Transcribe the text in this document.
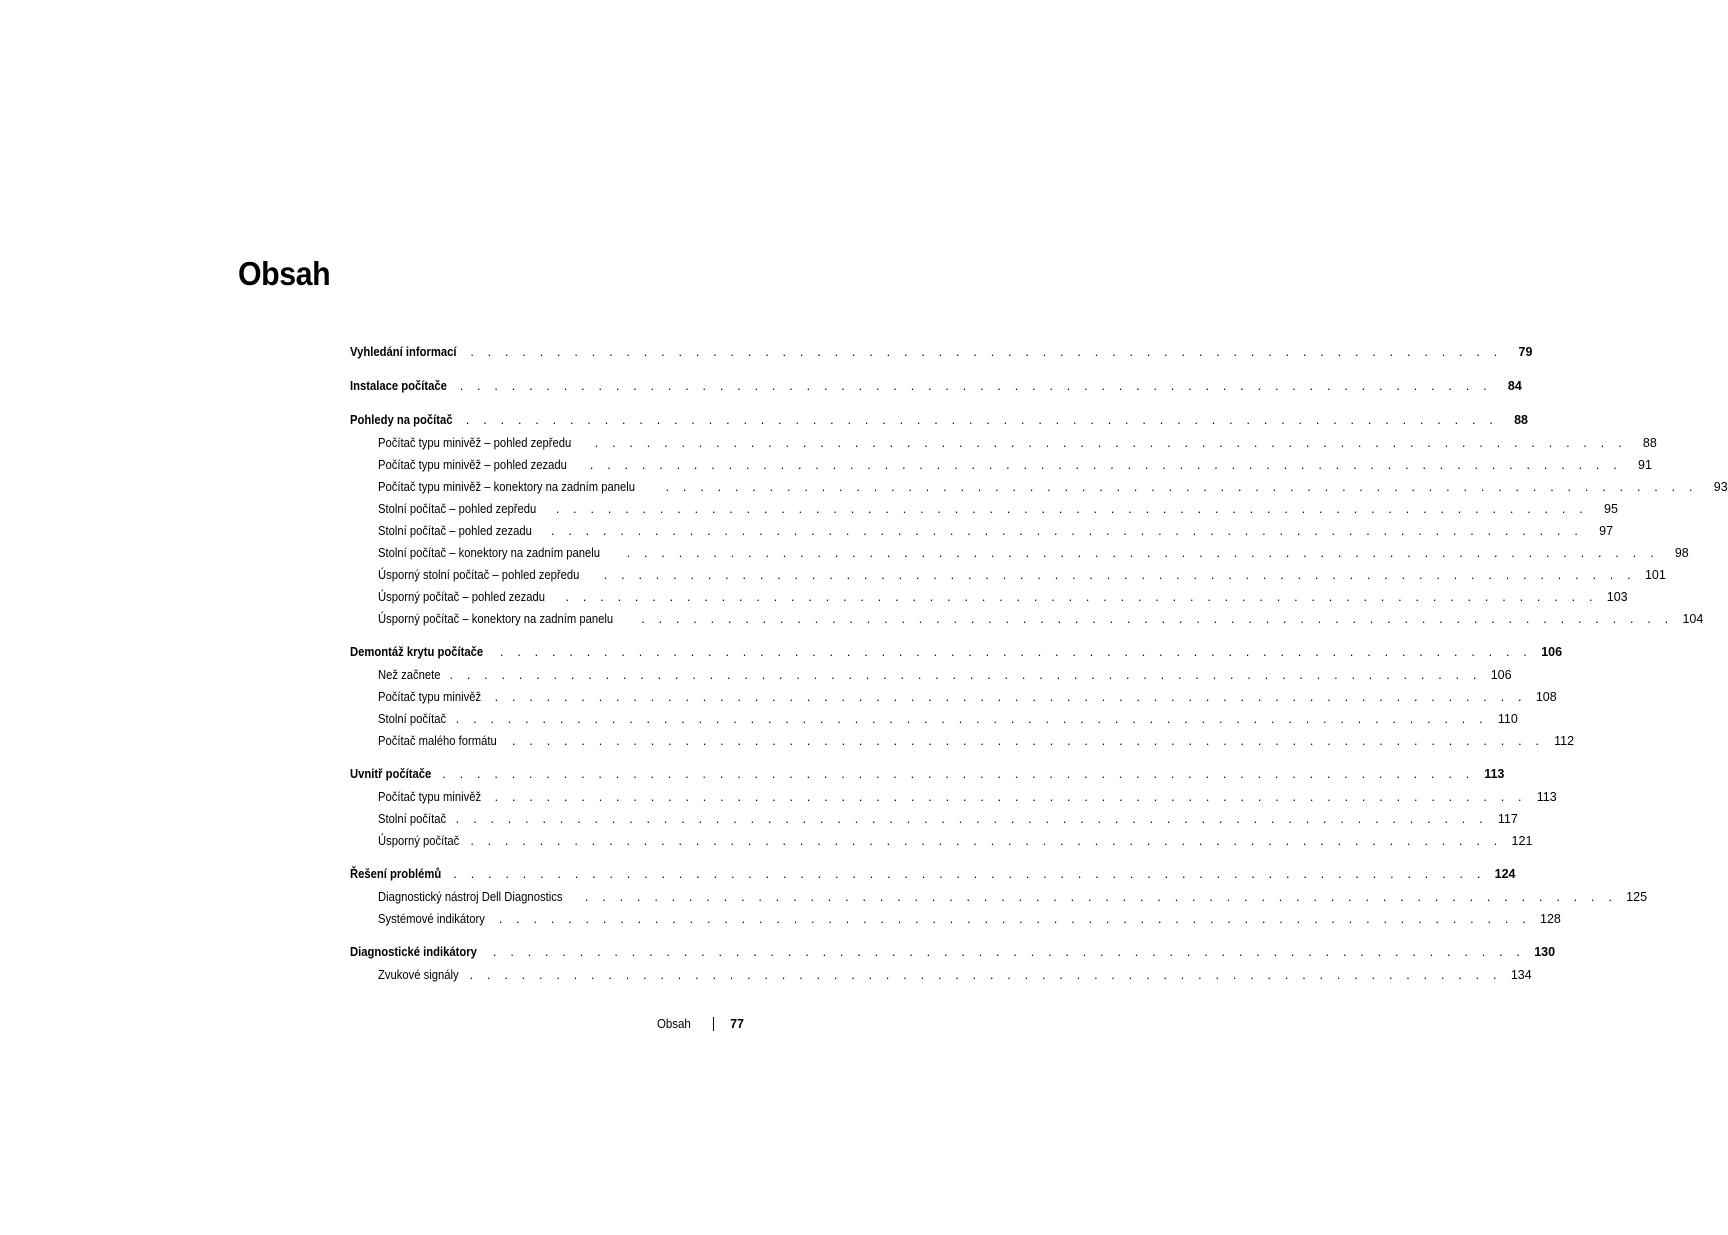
Obsah
Vyhledání informací . . . . . . . . . . . . . . . . . . . . . . . . . . . . . . . . . . . . . . . . . . . . . . . . . . . . . . . . . . . .	79
Instalace počítače . . . . . . . . . . . . . . . . . . . . . . . . . . . . . . . . . . . . . . . . . . . . . . . . . . . . . . . . . . . .	84
Pohledy na počítač . . . . . . . . . . . . . . . . . . . . . . . . . . . . . . . . . . . . . . . . . . . . . . . . . . . . . . . . . . . .	88
Počítač typu minivěž – pohled zepředu . . . . . . . . . . . . . . . . . . . . . . . . . . . . . . . . . . . . . . . . . . . . . . . . . . . . . . . . . . . .	88
Počítač typu minivěž – pohled zezadu . . . . . . . . . . . . . . . . . . . . . . . . . . . . . . . . . . . . . . . . . . . . . . . . . . . . . . . . . . . .	91
Počítač typu minivěž – konektory na zadním panelu . . . . . . . . . . . . . . . . . . . . . . . . . . . . . . . . . . . . . . . . . . . . . . . . . . . . . . . . . . . .	93
Stolní počítač – pohled zepředu . . . . . . . . . . . . . . . . . . . . . . . . . . . . . . . . . . . . . . . . . . . . . . . . . . . . . . . . . . . .	95
Stolní počítač – pohled zezadu . . . . . . . . . . . . . . . . . . . . . . . . . . . . . . . . . . . . . . . . . . . . . . . . . . . . . . . . . . . .	97
Stolní počítač – konektory na zadním panelu . . . . . . . . . . . . . . . . . . . . . . . . . . . . . . . . . . . . . . . . . . . . . . . . . . . . . . . . . . . .	98
Úsporný stolní počítač – pohled zepředu . . . . . . . . . . . . . . . . . . . . . . . . . . . . . . . . . . . . . . . . . . . . . . . . . . . . . . . . . . . . 101
Úsporný počítač – pohled zezadu . . . . . . . . . . . . . . . . . . . . . . . . . . . . . . . . . . . . . . . . . . . . . . . . . . . . . . . . . . . . 103
Úsporný počítač – konektory na zadním panelu . . . . . . . . . . . . . . . . . . . . . . . . . . . . . . . . . . . . . . . . . . . . . . . . . . . . . . . . . . . . 104
Demontáž krytu počítače . . . . . . . . . . . . . . . . . . . . . . . . . . . . . . . . . . . . . . . . . . . . . . . . . . . . . . . . . . . . 106
Než začnete . . . . . . . . . . . . . . . . . . . . . . . . . . . . . . . . . . . . . . . . . . . . . . . . . . . . . . . . . . . . 106
Počítač typu minivěž . . . . . . . . . . . . . . . . . . . . . . . . . . . . . . . . . . . . . . . . . . . . . . . . . . . . . . . . . . . . 108
Stolní počítač . . . . . . . . . . . . . . . . . . . . . . . . . . . . . . . . . . . . . . . . . . . . . . . . . . . . . . . . . . . . 110
Počítač malého formátu . . . . . . . . . . . . . . . . . . . . . . . . . . . . . . . . . . . . . . . . . . . . . . . . . . . . . . . . . . . . 112
Uvnitř počítače . . . . . . . . . . . . . . . . . . . . . . . . . . . . . . . . . . . . . . . . . . . . . . . . . . . . . . . . . . . . 113
Počítač typu minivěž . . . . . . . . . . . . . . . . . . . . . . . . . . . . . . . . . . . . . . . . . . . . . . . . . . . . . . . . . . . . 113
Stolní počítač . . . . . . . . . . . . . . . . . . . . . . . . . . . . . . . . . . . . . . . . . . . . . . . . . . . . . . . . . . . . 117
Úsporný počítač . . . . . . . . . . . . . . . . . . . . . . . . . . . . . . . . . . . . . . . . . . . . . . . . . . . . . . . . . . . . 121
Řešení problémů . . . . . . . . . . . . . . . . . . . . . . . . . . . . . . . . . . . . . . . . . . . . . . . . . . . . . . . . . . . . 124
Diagnostický nástroj Dell Diagnostics . . . . . . . . . . . . . . . . . . . . . . . . . . . . . . . . . . . . . . . . . . . . . . . . . . . . . . . . . . . . 125
Systémové indikátory . . . . . . . . . . . . . . . . . . . . . . . . . . . . . . . . . . . . . . . . . . . . . . . . . . . . . . . . . . . . 128
Diagnostické indikátory . . . . . . . . . . . . . . . . . . . . . . . . . . . . . . . . . . . . . . . . . . . . . . . . . . . . . . . . . . . . 130
Zvukové signály . . . . . . . . . . . . . . . . . . . . . . . . . . . . . . . . . . . . . . . . . . . . . . . . . . . . . . . . . . . . 134
Obsah	77
